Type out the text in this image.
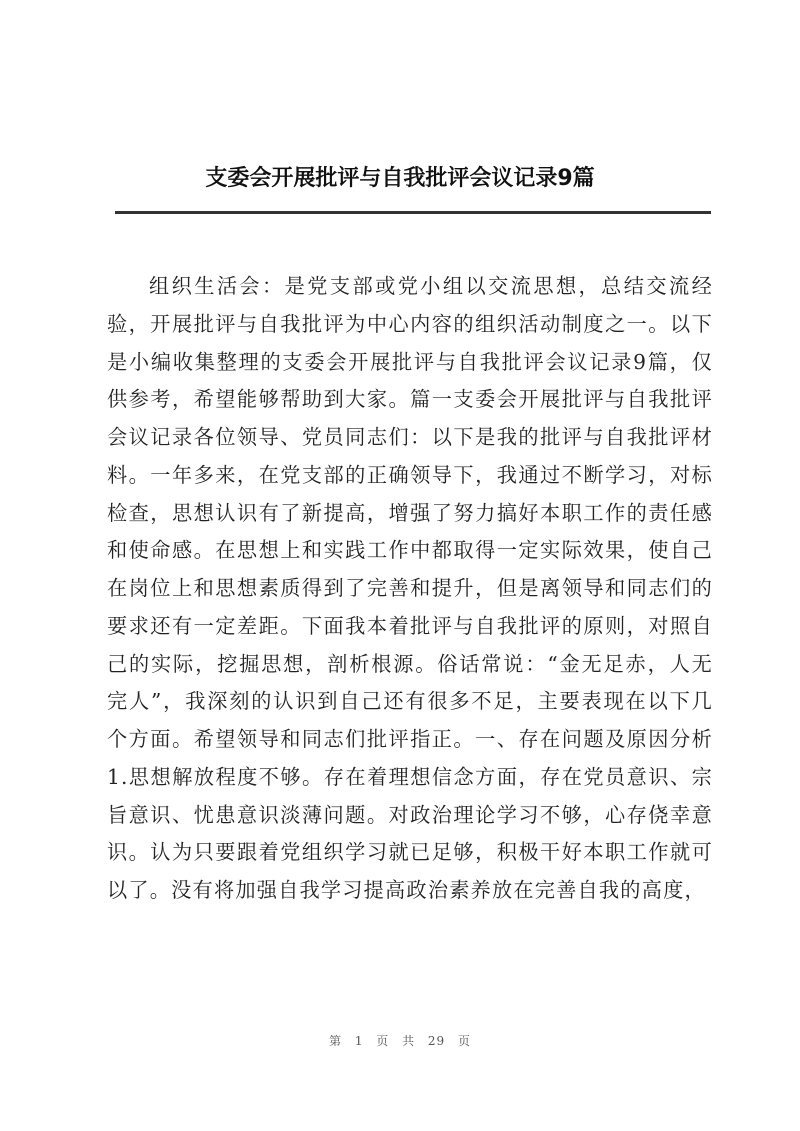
支委会开展批评与自我批评会议记录9篇

组织生活会：是党支部或党小组以交流思想，总结交流经验，开展批评与自我批评为中心内容的组织活动制度之一。以下是小编收集整理的支委会开展批评与自我批评会议记录9篇，仅供参考，希望能够帮助到大家。篇一支委会开展批评与自我批评会议记录各位领导、党员同志们：以下是我的批评与自我批评材料。一年多来，在党支部的正确领导下，我通过不断学习，对标检查，思想认识有了新提高，增强了努力搞好本职工作的责任感和使命感。在思想上和实践工作中都取得一定实际效果，使自己在岗位上和思想素质得到了完善和提升，但是离领导和同志们的要求还有一定差距。下面我本着批评与自我批评的原则，对照自己的实际，挖掘思想，剖析根源。俗话常说：“金无足赤，人无完人”，我深刻的认识到自己还有很多不足，主要表现在以下几个方面。希望领导和同志们批评指正。一、存在问题及原因分析1.思想解放程度不够。存在着理想信念方面，存在党员意识、宗旨意识、忧患意识淡薄问题。对政治理论学习不够，心存侥幸意识。认为只要跟着党组织学习就已足够，积极干好本职工作就可以了。没有将加强自我学习提高政治素养放在完善自我的高度，

第 1 页 共 29 页
